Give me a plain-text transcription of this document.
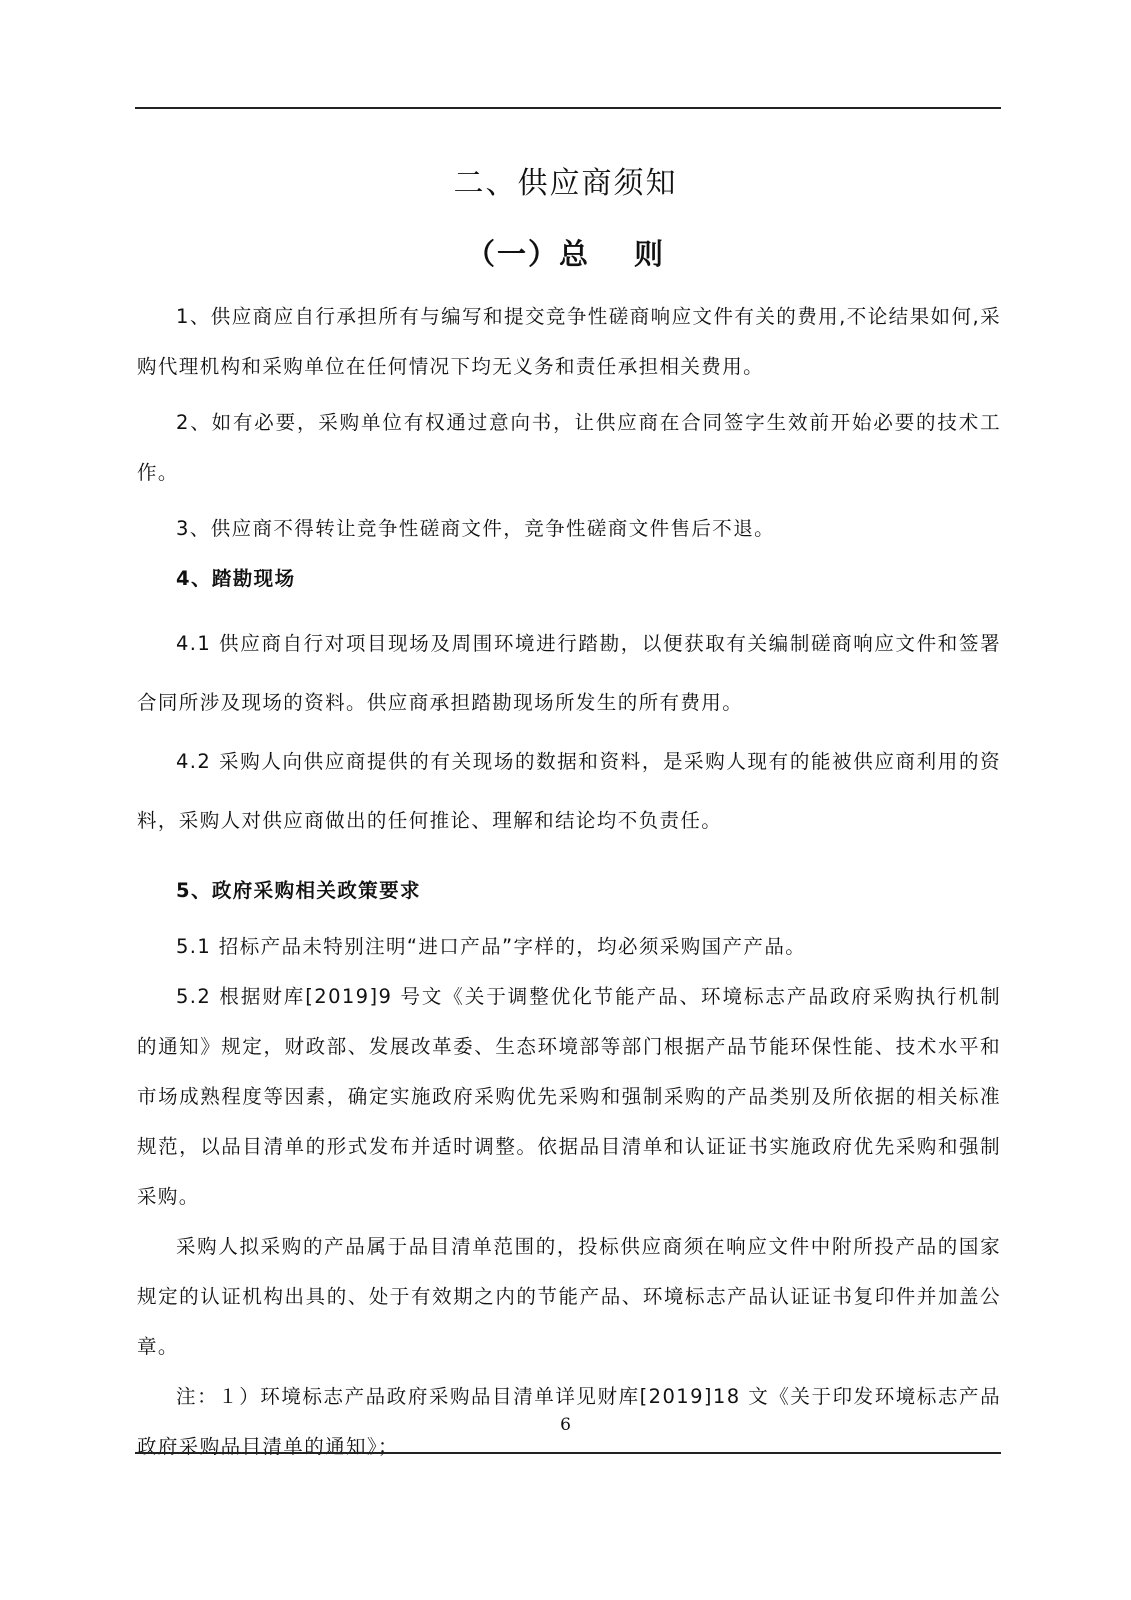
二、供应商须知
（一）总 则

1、供应商应自行承担所有与编写和提交竞争性磋商响应文件有关的费用,不论结果如何,采购代理机构和采购单位在任何情况下均无义务和责任承担相关费用。

2、如有必要，采购单位有权通过意向书，让供应商在合同签字生效前开始必要的技术工作。

3、供应商不得转让竞争性磋商文件，竞争性磋商文件售后不退。

4、踏勘现场

4.1 供应商自行对项目现场及周围环境进行踏勘，以便获取有关编制磋商响应文件和签署合同所涉及现场的资料。供应商承担踏勘现场所发生的所有费用。

4.2 采购人向供应商提供的有关现场的数据和资料，是采购人现有的能被供应商利用的资料，采购人对供应商做出的任何推论、理解和结论均不负责任。

5、政府采购相关政策要求

5.1 招标产品未特别注明“进口产品”字样的，均必须采购国产产品。

5.2 根据财库[2019]9 号文《关于调整优化节能产品、环境标志产品政府采购执行机制的通知》规定，财政部、发展改革委、生态环境部等部门根据产品节能环保性能、技术水平和市场成熟程度等因素，确定实施政府采购优先采购和强制采购的产品类别及所依据的相关标准规范，以品目清单的形式发布并适时调整。依据品目清单和认证证书实施政府优先采购和强制采购。

采购人拟采购的产品属于品目清单范围的，投标供应商须在响应文件中附所投产品的国家规定的认证机构出具的、处于有效期之内的节能产品、环境标志产品认证证书复印件并加盖公章。

注：１）环境标志产品政府采购品目清单详见财库[2019]18 文《关于印发环境标志产品政府采购品目清单的通知》；

6
